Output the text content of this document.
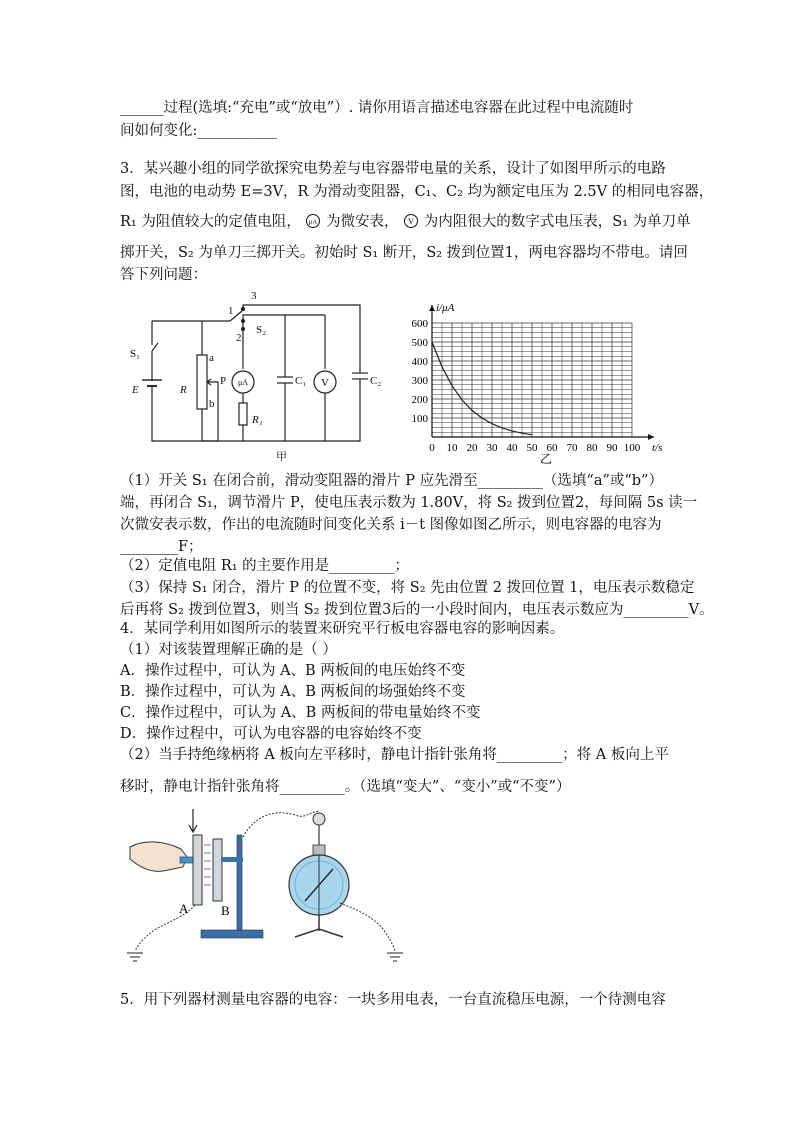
______过程(选填:“充电”或“放电”）. 请你用语言描述电容器在此过程中电流随时
间如何变化:___________
3．某兴趣小组的同学欲探究电势差与电容器带电量的关系，设计了如图甲所示的电路
图，电池的电动势 E=3V，R 为滑动变阻器，C₁、C₂ 均为额定电压为 2.5V 的相同电容器，
R₁ 为阻值较大的定值电阻， μA 为微安表， V 为内阻很大的数字式电压表，S₁ 为单刀单
掷开关，S₂ 为单刀三掷开关。初始时 S₁ 断开，S₂ 拨到位置1，两电容器均不带电。请回
答下列问题：
S₁
E	R
a
b
P
1
3
2
S₂
μA
R₁
C₁ V	C₂
甲
0 10 20 30 40 50 60 70 80 90 100
100
200
300
400
500
600
i/μA
t/s
乙
（1）开关 S₁ 在闭合前，滑动变阻器的滑片 P 应先滑至_________（选填“a”或“b”）
端，再闭合 S₁，调节滑片 P，使电压表示数为 1.80V，将 S₂ 拨到位置2，每间隔 5s 读一
次微安表示数，作出的电流随时间变化关系 i－t 图像如图乙所示，则电容器的电容为
________F；
（2）定值电阻 R₁ 的主要作用是_________；
（3）保持 S₁ 闭合，滑片 P 的位置不变，将 S₂ 先由位置 2 拨回位置 1，电压表示数稳定
后再将 S₂ 拨到位置3，则当 S₂ 拨到位置3后的一小段时间内，电压表示数应为_________V。
4．某同学利用如图所示的装置来研究平行板电容器电容的影响因素。
（1）对该装置理解正确的是（ ）
A．操作过程中，可认为 A、B 两板间的电压始终不变
B．操作过程中，可认为 A、B 两板间的场强始终不变
C．操作过程中，可认为 A、B 两板间的带电量始终不变
D．操作过程中，可认为电容器的电容始终不变
（2）当手持绝缘柄将 A 板向左平移时，静电计指针张角将_________；将 A 板向上平
移时，静电计指针张角将_________。（选填“变大”、“变小”或“不变”）
A	B
5．用下列器材测量电容器的电容：一块多用电表，一台直流稳压电源，一个待测电容
